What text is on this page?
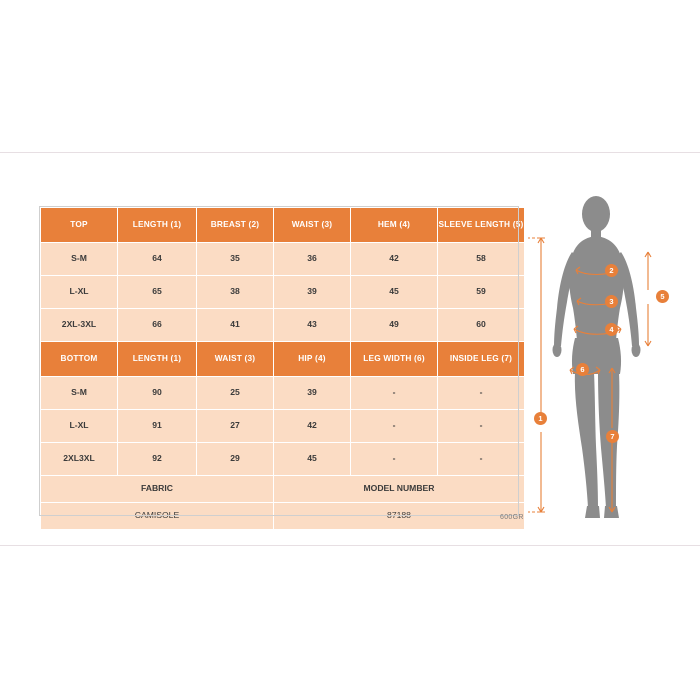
TOP	LENGTH (1)	BREAST (2)	WAIST (3)	HEM (4)	SLEEVE LENGTH (5)
S-M	64	35	36	42	58
L-XL	65	38	39	45	59
2XL-3XL	66	41	43	49	60
BOTTOM	LENGTH (1)	WAIST (3)	HIP (4)	LEG WIDTH (6)	INSIDE LEG (7)
S-M	90	25	39	-	-
L-XL	91	27	42	-	-
2XL3XL	92	29	45	-	-
FABRIC			MODEL NUMBER		
CAMISOLE			87188			600GR
1
2
3
4
5
6
7
